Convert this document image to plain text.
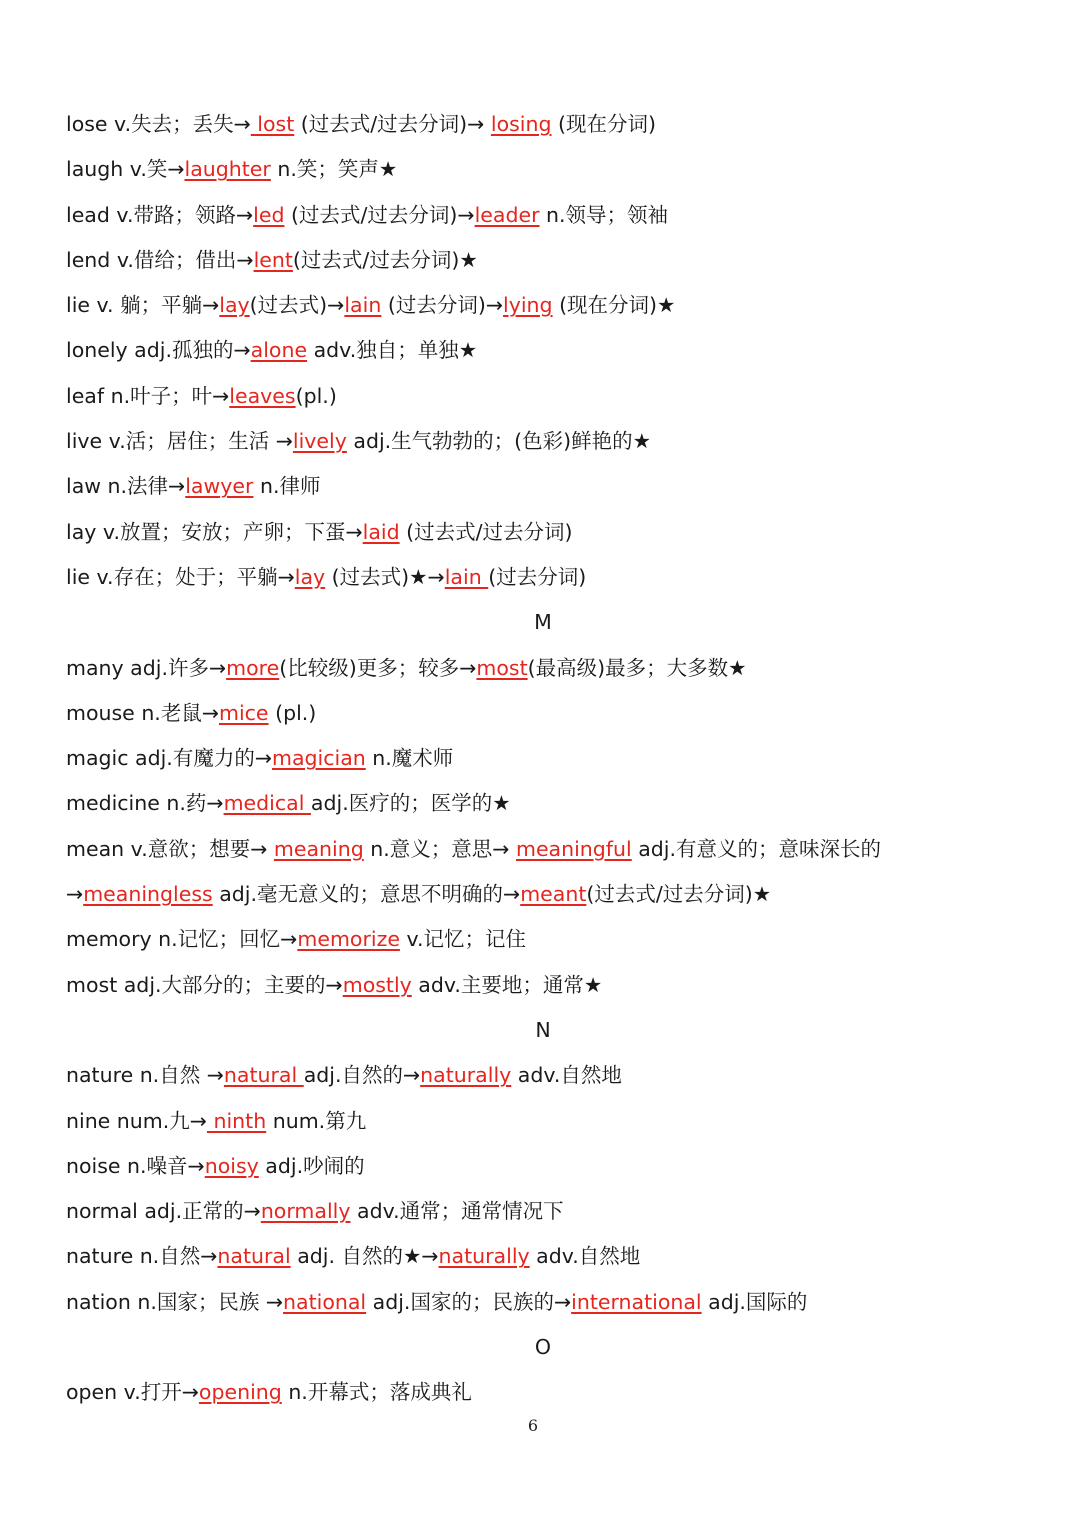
lose v.失去；丢失→ lost (过去式/过去分词)→ losing (现在分词)
laugh v.笑→laughter n.笑；笑声★
lead v.带路；领路→led (过去式/过去分词)→leader n.领导；领袖
lend v.借给；借出→lent(过去式/过去分词)★
lie v. 躺；平躺→lay(过去式)→lain (过去分词)→lying (现在分词)★
lonely adj.孤独的→alone adv.独自；单独★
leaf n.叶子；叶→leaves(pl.)
live v.活；居住；生活 →lively adj.生气勃勃的；(色彩)鲜艳的★
law n.法律→lawyer n.律师
lay v.放置；安放；产卵；下蛋→laid (过去式/过去分词)
lie v.存在；处于；平躺→lay (过去式)★→lain (过去分词)
M
many adj.许多→more(比较级)更多；较多→most(最高级)最多；大多数★
mouse n.老鼠→mice (pl.)
magic adj.有魔力的→magician n.魔术师
medicine n.药→medical adj.医疗的；医学的★
mean v.意欲；想要→ meaning n.意义；意思→ meaningful adj.有意义的；意味深长的
→meaningless adj.毫无意义的；意思不明确的→meant(过去式/过去分词)★
memory n.记忆；回忆→memorize v.记忆；记住
most adj.大部分的；主要的→mostly adv.主要地；通常★
N
nature n.自然 →natural adj.自然的→naturally adv.自然地
nine num.九→ ninth num.第九
noise n.噪音→noisy adj.吵闹的
normal adj.正常的→normally adv.通常；通常情况下
nature n.自然→natural adj. 自然的★→naturally adv.自然地
nation n.国家；民族 →national adj.国家的；民族的→international adj.国际的
O
open v.打开→opening n.开幕式；落成典礼
6
